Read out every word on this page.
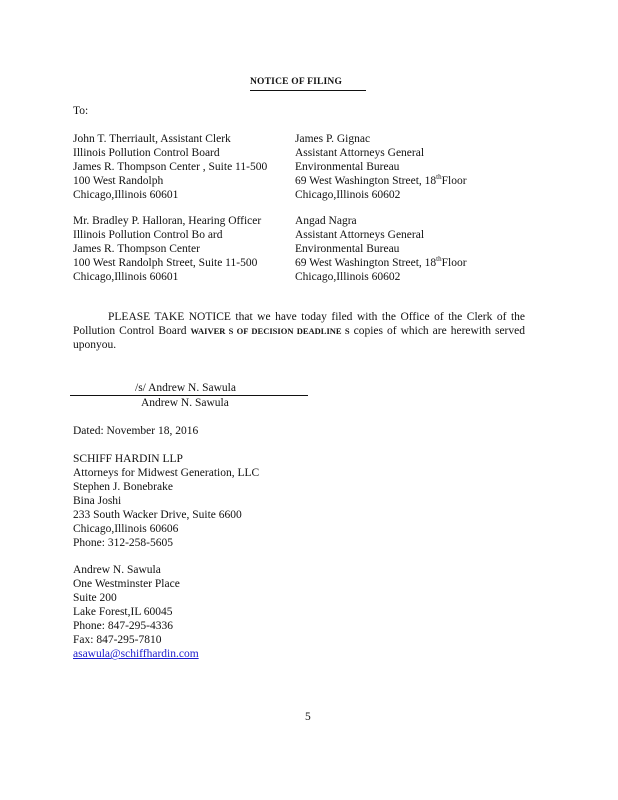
NOTICE OF FILING
To:
John T. Therriault, Assistant Clerk
Illinois Pollution Control Board
James R. Thompson Center , Suite 11-500
100 West Randolph
Chicago,Illinois 60601
James P. Gignac
Assistant Attorneys General
Environmental Bureau
69 West Washington Street, 18thFloor
Chicago,Illinois 60602
Mr. Bradley P. Halloran, Hearing Officer
Illinois Pollution Control Bo ard
James R. Thompson Center
100 West Randolph Street, Suite 11-500
Chicago,Illinois 60601
Angad Nagra
Assistant Attorneys General
Environmental Bureau
69 West Washington Street, 18thFloor
Chicago,Illinois 60602
PLEASE TAKE NOTICE that we have today filed with the Office of the Clerk of the Pollution Control Board WAIVER S OF DECISION DEADLINE S copies of which are herewith served uponyou.
/s/ Andrew N. Sawula
Andrew N. Sawula
Dated: November 18, 2016
SCHIFF HARDIN LLP
Attorneys for Midwest Generation, LLC
Stephen J. Bonebrake
Bina Joshi
233 South Wacker Drive, Suite 6600
Chicago,Illinois 60606
Phone: 312-258-5605
Andrew N. Sawula
One Westminster Place
Suite 200
Lake Forest,IL 60045
Phone: 847-295-4336
Fax: 847-295-7810
asawula@schiffhardin.com
5
